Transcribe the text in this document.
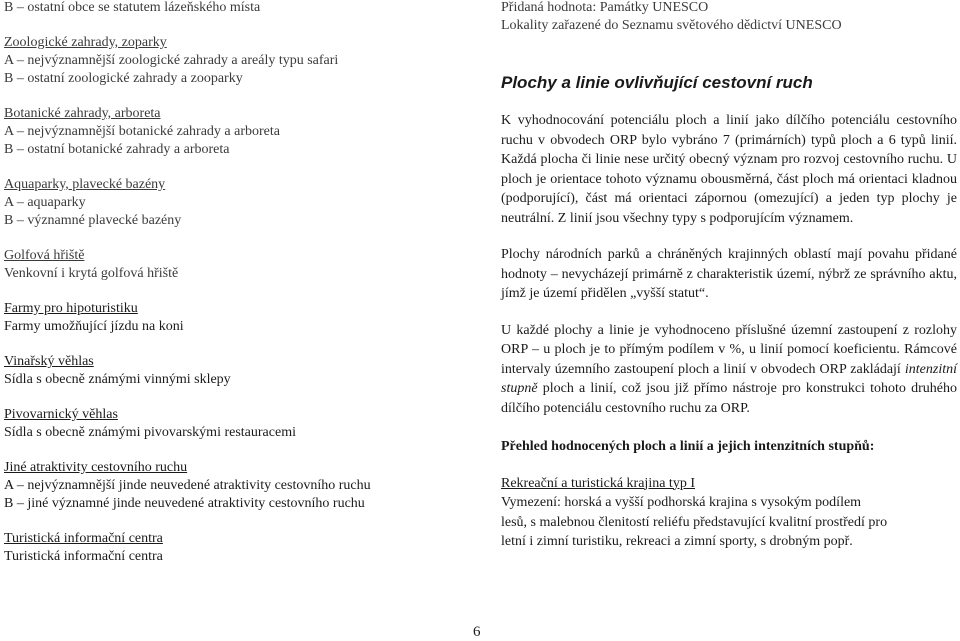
B – ostatní obce se statutem lázeňského místa
Zoologické zahrady, zoparky
A – nejvýznamnější zoologické zahrady a areály typu safari
B – ostatní zoologické zahrady a zooparky
Botanické zahrady, arboreta
A – nejvýznamnější botanické zahrady a arboreta
B – ostatní botanické zahrady a arboreta
Aquaparky, plavecké bazény
A – aquaparky
B – významné plavecké bazény
Golfová hřiště
Venkovní i krytá golfová hřiště
Farmy pro hipoturistiku
Farmy umožňující jízdu na koni
Vinařský věhlas
Sídla s obecně známými vinnými sklepy
Pivovarnický věhlas
Sídla s obecně známými pivovarskými restauracemi
Jiné atraktivity cestovního ruchu
A – nejvýznamnější jinde neuvedené atraktivity cestovního ruchu
B – jiné významné jinde neuvedené atraktivity cestovního ruchu
Turistická informační centra
Turistická informační centra
Přidaná hodnota: Památky UNESCO
Lokality zařazené do Seznamu světového dědictví UNESCO
Plochy a linie ovlivňující cestovní ruch

K vyhodnocování potenciálu ploch a linií jako dílčího potenciálu cestovního ruchu v obvodech ORP bylo vybráno 7 (primárních) typů ploch a 6 typů linií. Každá plocha či linie nese určitý obecný význam pro rozvoj cestovního ruchu. U ploch je orientace tohoto významu obousměrná, část ploch má orientaci kladnou (podporující), část má orientaci zápornou (omezující) a jeden typ plochy je neutrální. Z linií jsou všechny typy s podporujícím významem.

Plochy národních parků a chráněných krajinných oblastí mají povahu přidané hodnoty – nevycházejí primárně z charakteristik území, nýbrž ze správního aktu, jímž je území přidělen „vyšší statut“.

U každé plochy a linie je vyhodnoceno příslušné územní zastoupení z rozlohy ORP – u ploch je to přímým podílem v %, u linií pomocí koeficientu. Rámcové intervaly územního zastoupení ploch a linií v obvodech ORP zakládají intenzitní stupně ploch a linií, což jsou již přímo nástroje pro konstrukci tohoto druhého dílčího potenciálu cestovního ruchu za ORP.

Přehled hodnocených ploch a linií a jejich intenzitních stupňů:
Rekreační a turistická krajina typ I
Vymezení: horská a vyšší podhorská krajina s vysokým podílem
lesů, s malebnou členitostí reliéfu představující kvalitní prostředí pro
letní i zimní turistiku, rekreaci a zimní sporty, s drobným popř.
6
